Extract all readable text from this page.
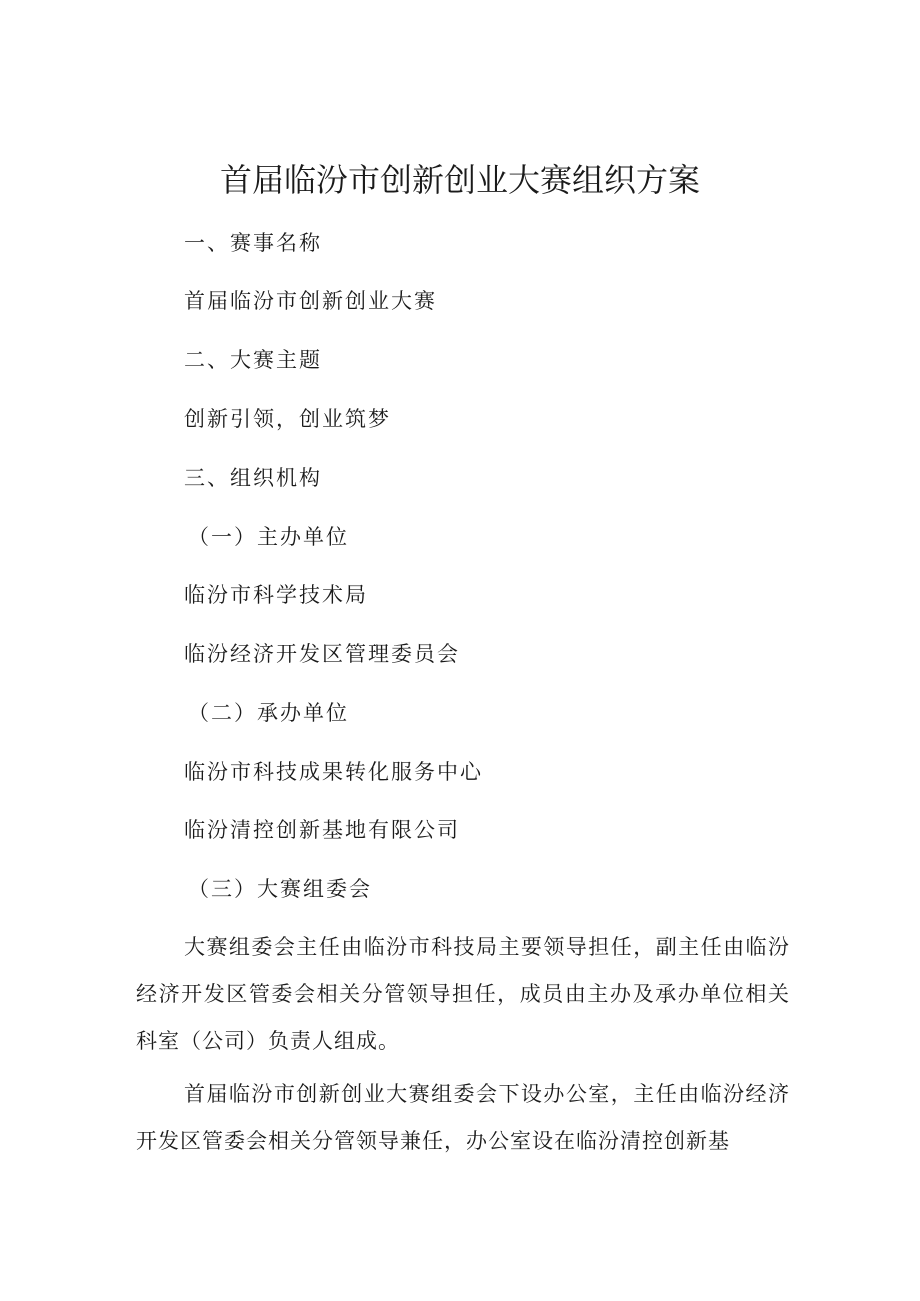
首届临汾市创新创业大赛组织方案
一、赛事名称
首届临汾市创新创业大赛
二、大赛主题
创新引领，创业筑梦
三、组织机构
（一）主办单位
临汾市科学技术局
临汾经济开发区管理委员会
（二）承办单位
临汾市科技成果转化服务中心
临汾清控创新基地有限公司
（三）大赛组委会
大赛组委会主任由临汾市科技局主要领导担任，副主任由临汾经济开发区管委会相关分管领导担任，成员由主办及承办单位相关科室（公司）负责人组成。
首届临汾市创新创业大赛组委会下设办公室，主任由临汾经济开发区管委会相关分管领导兼任，办公室设在临汾清控创新基
